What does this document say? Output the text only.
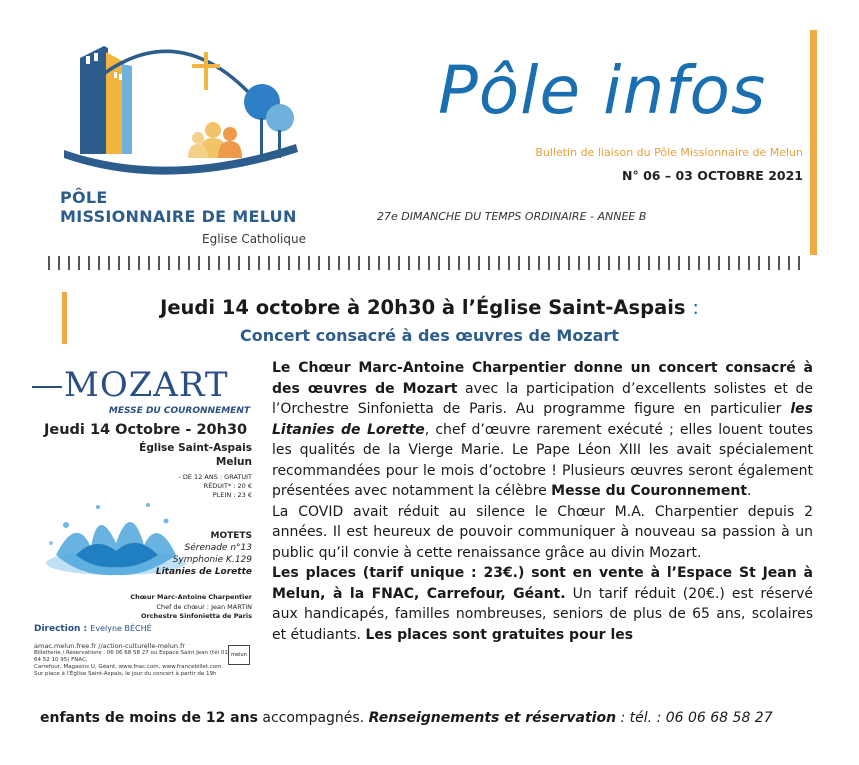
PÔLE
MISSIONNAIRE DE MELUN
Eglise Catholique
Pôle infos
Bulletin de liaison du Pôle Missionnaire de Melun
N° 06 – 03 OCTOBRE 2021
27e DIMANCHE DU TEMPS ORDINAIRE - ANNEE B
Jeudi 14 octobre à 20h30 à l’Église Saint-Aspais :
Concert consacré à des œuvres de Mozart
MOZART
MESSE DU COURONNEMENT
Jeudi 14 Octobre - 20h30
Église Saint-Aspais
Melun
- DE 12 ANS : GRATUIT
RÉDUIT* : 20 €
PLEIN : 23 €
MOTETS
Sérenade n°13
Symphonie K.129
Litanies de Lorette
Chœur Marc-Antoine Charpentier
Chef de chœur : Jean MARTIN
Orchestre Sinfonietta de Paris
Direction : Evelyne BÉCHÉ
amac.melun.free.fr //action-culturelle-melun.fr
Billetterie / Réservations : 06 06 68 58 27 ou Espace Saint Jean (tél 01 64 52 10 95) FNAC,
Carrefour, Magasins U, Géant, www.fnac.com, www.francebillet.com
Sur place à l’Église Saint-Aspais, le jour du concert à partir de 19h
melun

Le Chœur Marc-Antoine Charpentier donne un concert consacré à des œuvres de Mozart avec la participation d’excellents solistes et de l’Orchestre Sinfonietta de Paris. Au programme figure en particulier les Litanies de Lorette, chef d’œuvre rarement exécuté ; elles louent toutes les qualités de la Vierge Marie. Le Pape Léon XIII les avait spécialement recommandées pour le mois d’octobre ! Plusieurs œuvres seront également présentées avec notamment la célèbre Messe du Couronnement.

La COVID avait réduit au silence le Chœur M.A. Charpentier depuis 2 années. Il est heureux de pouvoir communiquer à nouveau sa passion à un public qu’il convie à cette renaissance grâce au divin Mozart.

Les places (tarif unique : 23€.) sont en vente à l’Espace St Jean à Melun, à la FNAC, Carrefour, Géant. Un tarif réduit (20€.) est réservé aux handicapés, familles nombreuses, seniors de plus de 65 ans, scolaires et étudiants. Les places sont gratuites pour les

enfants de moins de 12 ans accompagnés. Renseignements et réservation : tél. : 06 06 68 58 27
